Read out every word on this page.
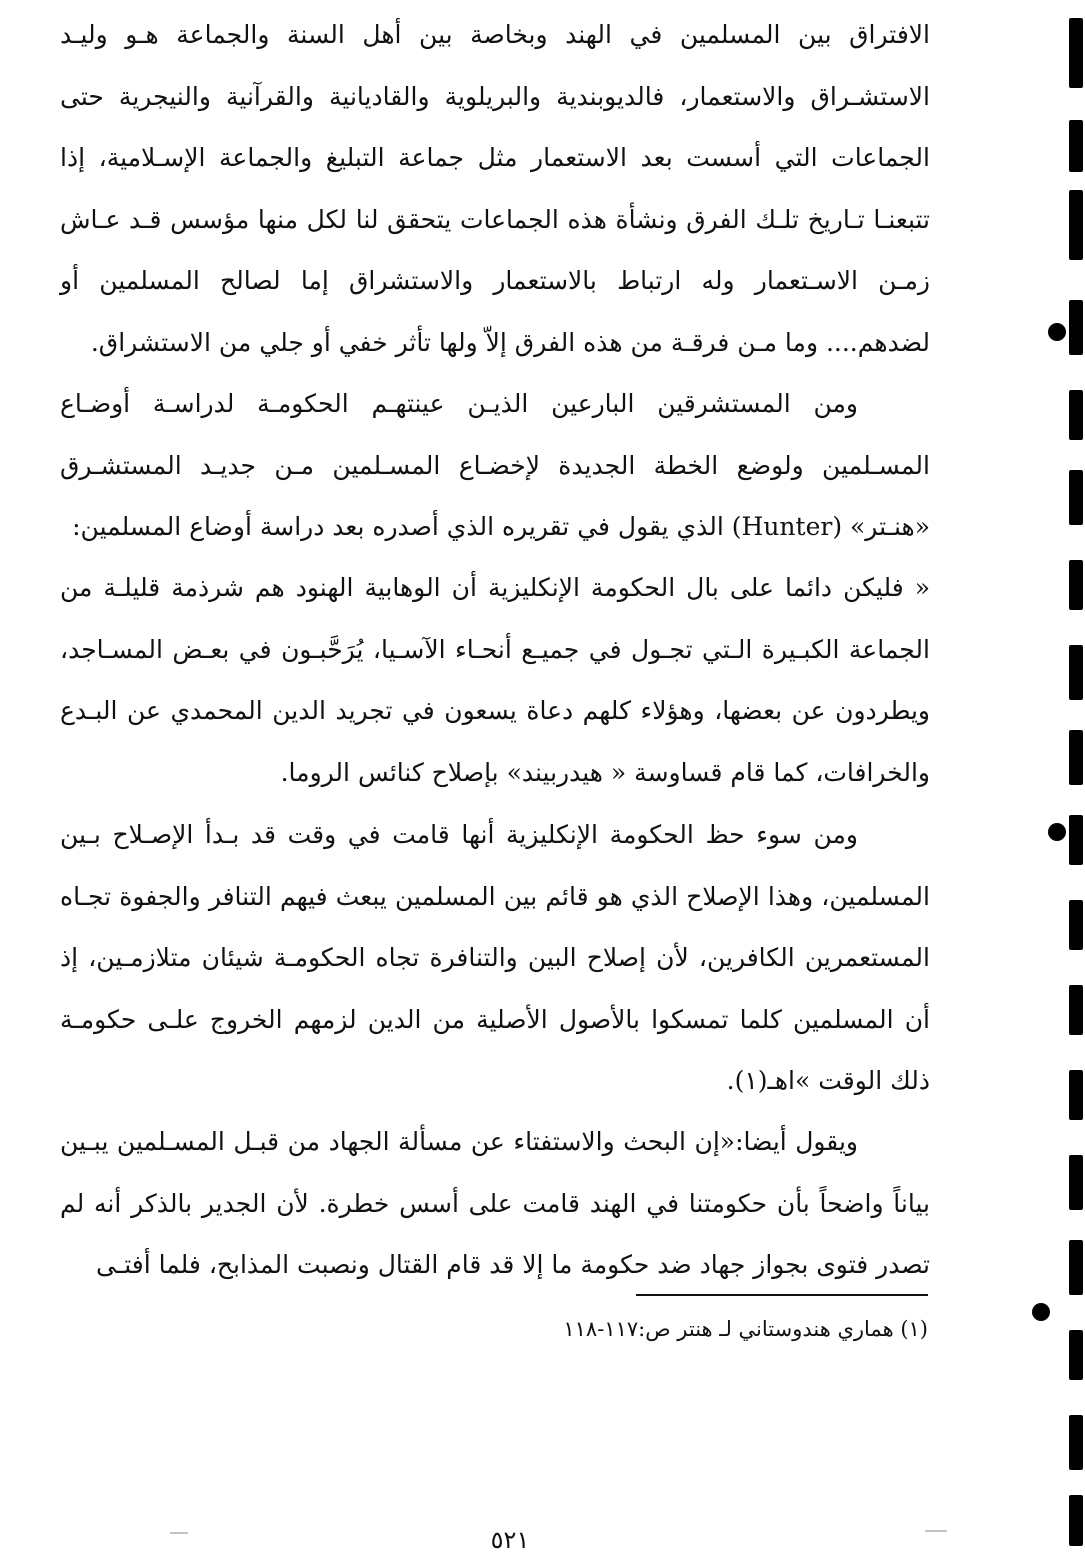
الافتراق بين المسلمين في الهند وبخاصة بين أهل السنة والجماعة هـو وليـد الاستشـراق والاستعمار، فالديوبندية والبريلوية والقاديانية والقرآنية والنيجرية حتى الجماعات التي أسست بعد الاستعمار مثل جماعة التبليغ والجماعة الإسـلامية، إذا تتبعنـا تـاريخ تلـك الفرق ونشأة هذه الجماعات يتحقق لنا لكل منها مؤسس قـد عـاش زمـن الاسـتعمار وله ارتباط بالاستعمار والاستشراق إما لصالح المسلمين أو لضدهم.... وما مـن فرقـة من هذه الفرق إلاّ ولها تأثر خفي أو جلي من الاستشراق.

ومن المستشرقين البارعين الذيـن عينتهـم الحكومـة لدراسـة أوضـاع المسـلمين ولوضع الخطة الجديدة لإخضـاع المسـلمين مـن جديـد المستشـرق «هنـتر» (Hunter) الذي يقول في تقريره الذي أصدره بعد دراسة أوضاع المسلمين:

« فليكن دائما على بال الحكومة الإنكليزية أن الوهابية الهنود هم شرذمة قليلـة من الجماعة الكبـيرة الـتي تجـول في جميـع أنحـاء الآسـيا، يُرَحَّبـون في بعـض المسـاجد، ويطردون عن بعضها، وهؤلاء كلهم دعاة يسعون في تجريد الدين المحمدي عن البـدع والخرافات، كما قام قساوسة « هيدربيند» بإصلاح كنائس الروما.

ومن سوء حظ الحكومة الإنكليزية أنها قامت في وقت قد بـدأ الإصـلاح بـين المسلمين، وهذا الإصلاح الذي هو قائم بين المسلمين يبعث فيهم التنافر والجفوة تجـاه المستعمرين الكافرين، لأن إصلاح البين والتنافرة تجاه الحكومـة شيئان متلازمـين، إذ أن المسلمين كلما تمسكوا بالأصول الأصلية من الدين لزمهم الخروج علـى حكومـة ذلك الوقت »اهـ(١).

ويقول أيضا:«إن البحث والاستفتاء عن مسألة الجهاد من قبـل المسـلمين يبـين بياناً واضحاً بأن حكومتنا في الهند قامت على أسس خطرة. لأن الجدير بالذكر أنه لم تصدر فتوى بجواز جهاد ضد حكومة ما إلا قد قام القتال ونصبت المذابح، فلما أفتـى

(١) هماري هندوستاني لـ هنتر ص:١١٧-١١٨
٥٢١
